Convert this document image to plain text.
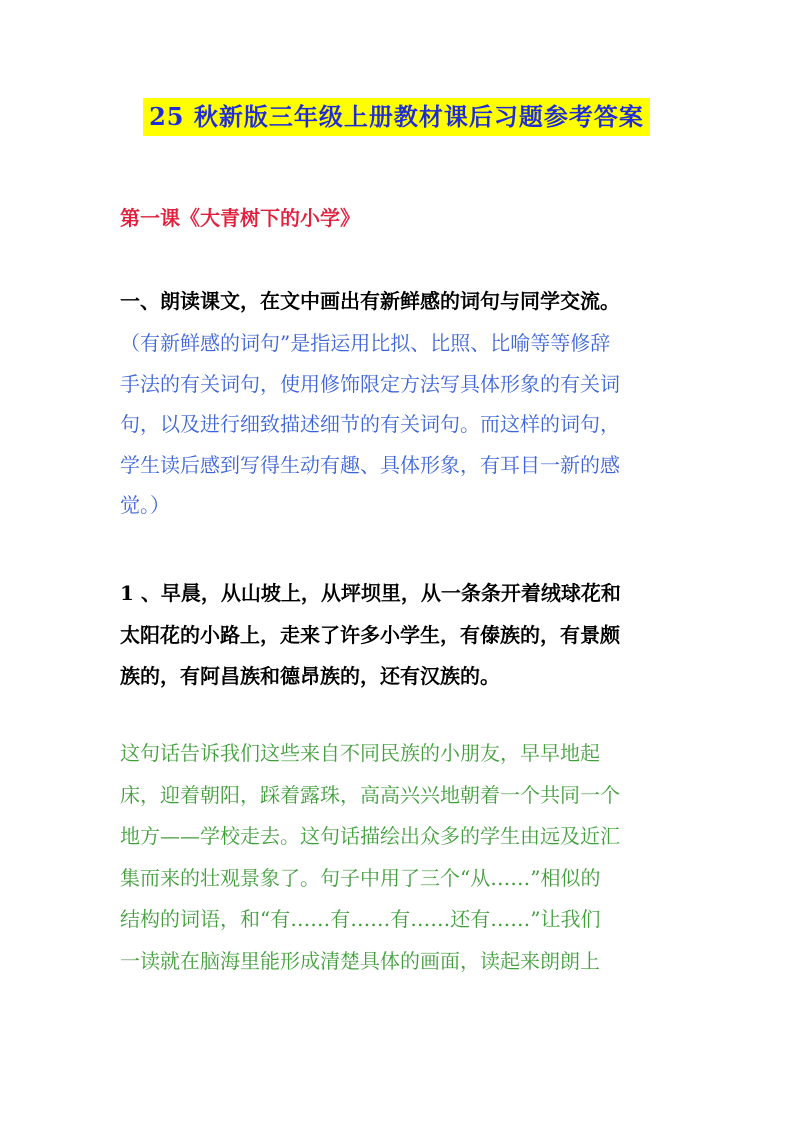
25 秋新版三年级上册教材课后习题参考答案
第一课《大青树下的小学》
一、朗读课文，在文中画出有新鲜感的词句与同学交流。
（有新鲜感的词句”是指运用比拟、比照、比喻等等修辞
手法的有关词句，使用修饰限定方法写具体形象的有关词
句，以及进行细致描述细节的有关词句。而这样的词句，
学生读后感到写得生动有趣、具体形象，有耳目一新的感
觉。）
1 、早晨，从山坡上，从坪坝里，从一条条开着绒球花和
太阳花的小路上，走来了许多小学生，有傣族的，有景颇
族的，有阿昌族和德昂族的，还有汉族的。
这句话告诉我们这些来自不同民族的小朋友，早早地起
床，迎着朝阳，踩着露珠，高高兴兴地朝着一个共同一个
地方——学校走去。这句话描绘出众多的学生由远及近汇
集而来的壮观景象了。句子中用了三个“从……”相似的
结构的词语，和“有……有……有……还有……”让我们
一读就在脑海里能形成清楚具体的画面，读起来朗朗上
